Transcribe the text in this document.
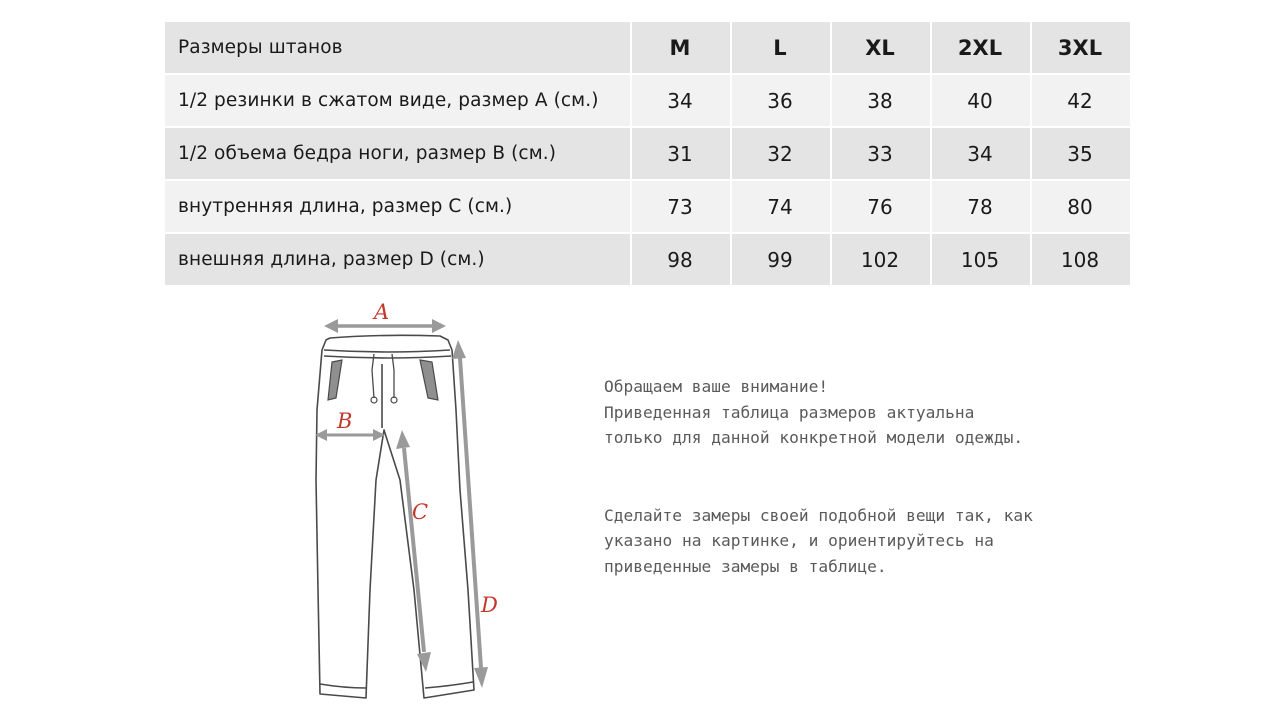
Размеры штанов	M	L	XL	2XL	3XL
1/2 резинки в сжатом виде, размер A (см.)	34	36	38	40	42
1/2 объема бедра ноги, размер B (см.)	31	32	33	34	35
внутренняя длина, размер C (см.)	73	74	76	78	80
внешняя длина, размер D (см.)	98	99	102	105	108
A
B
C
D

Обращаем ваше внимание!

Приведенная таблица размеров актуальна

только для данной конкретной модели одежды.

Сделайте замеры своей подобной вещи так, как

указано на картинке, и ориентируйтесь на

приведенные замеры в таблице.
